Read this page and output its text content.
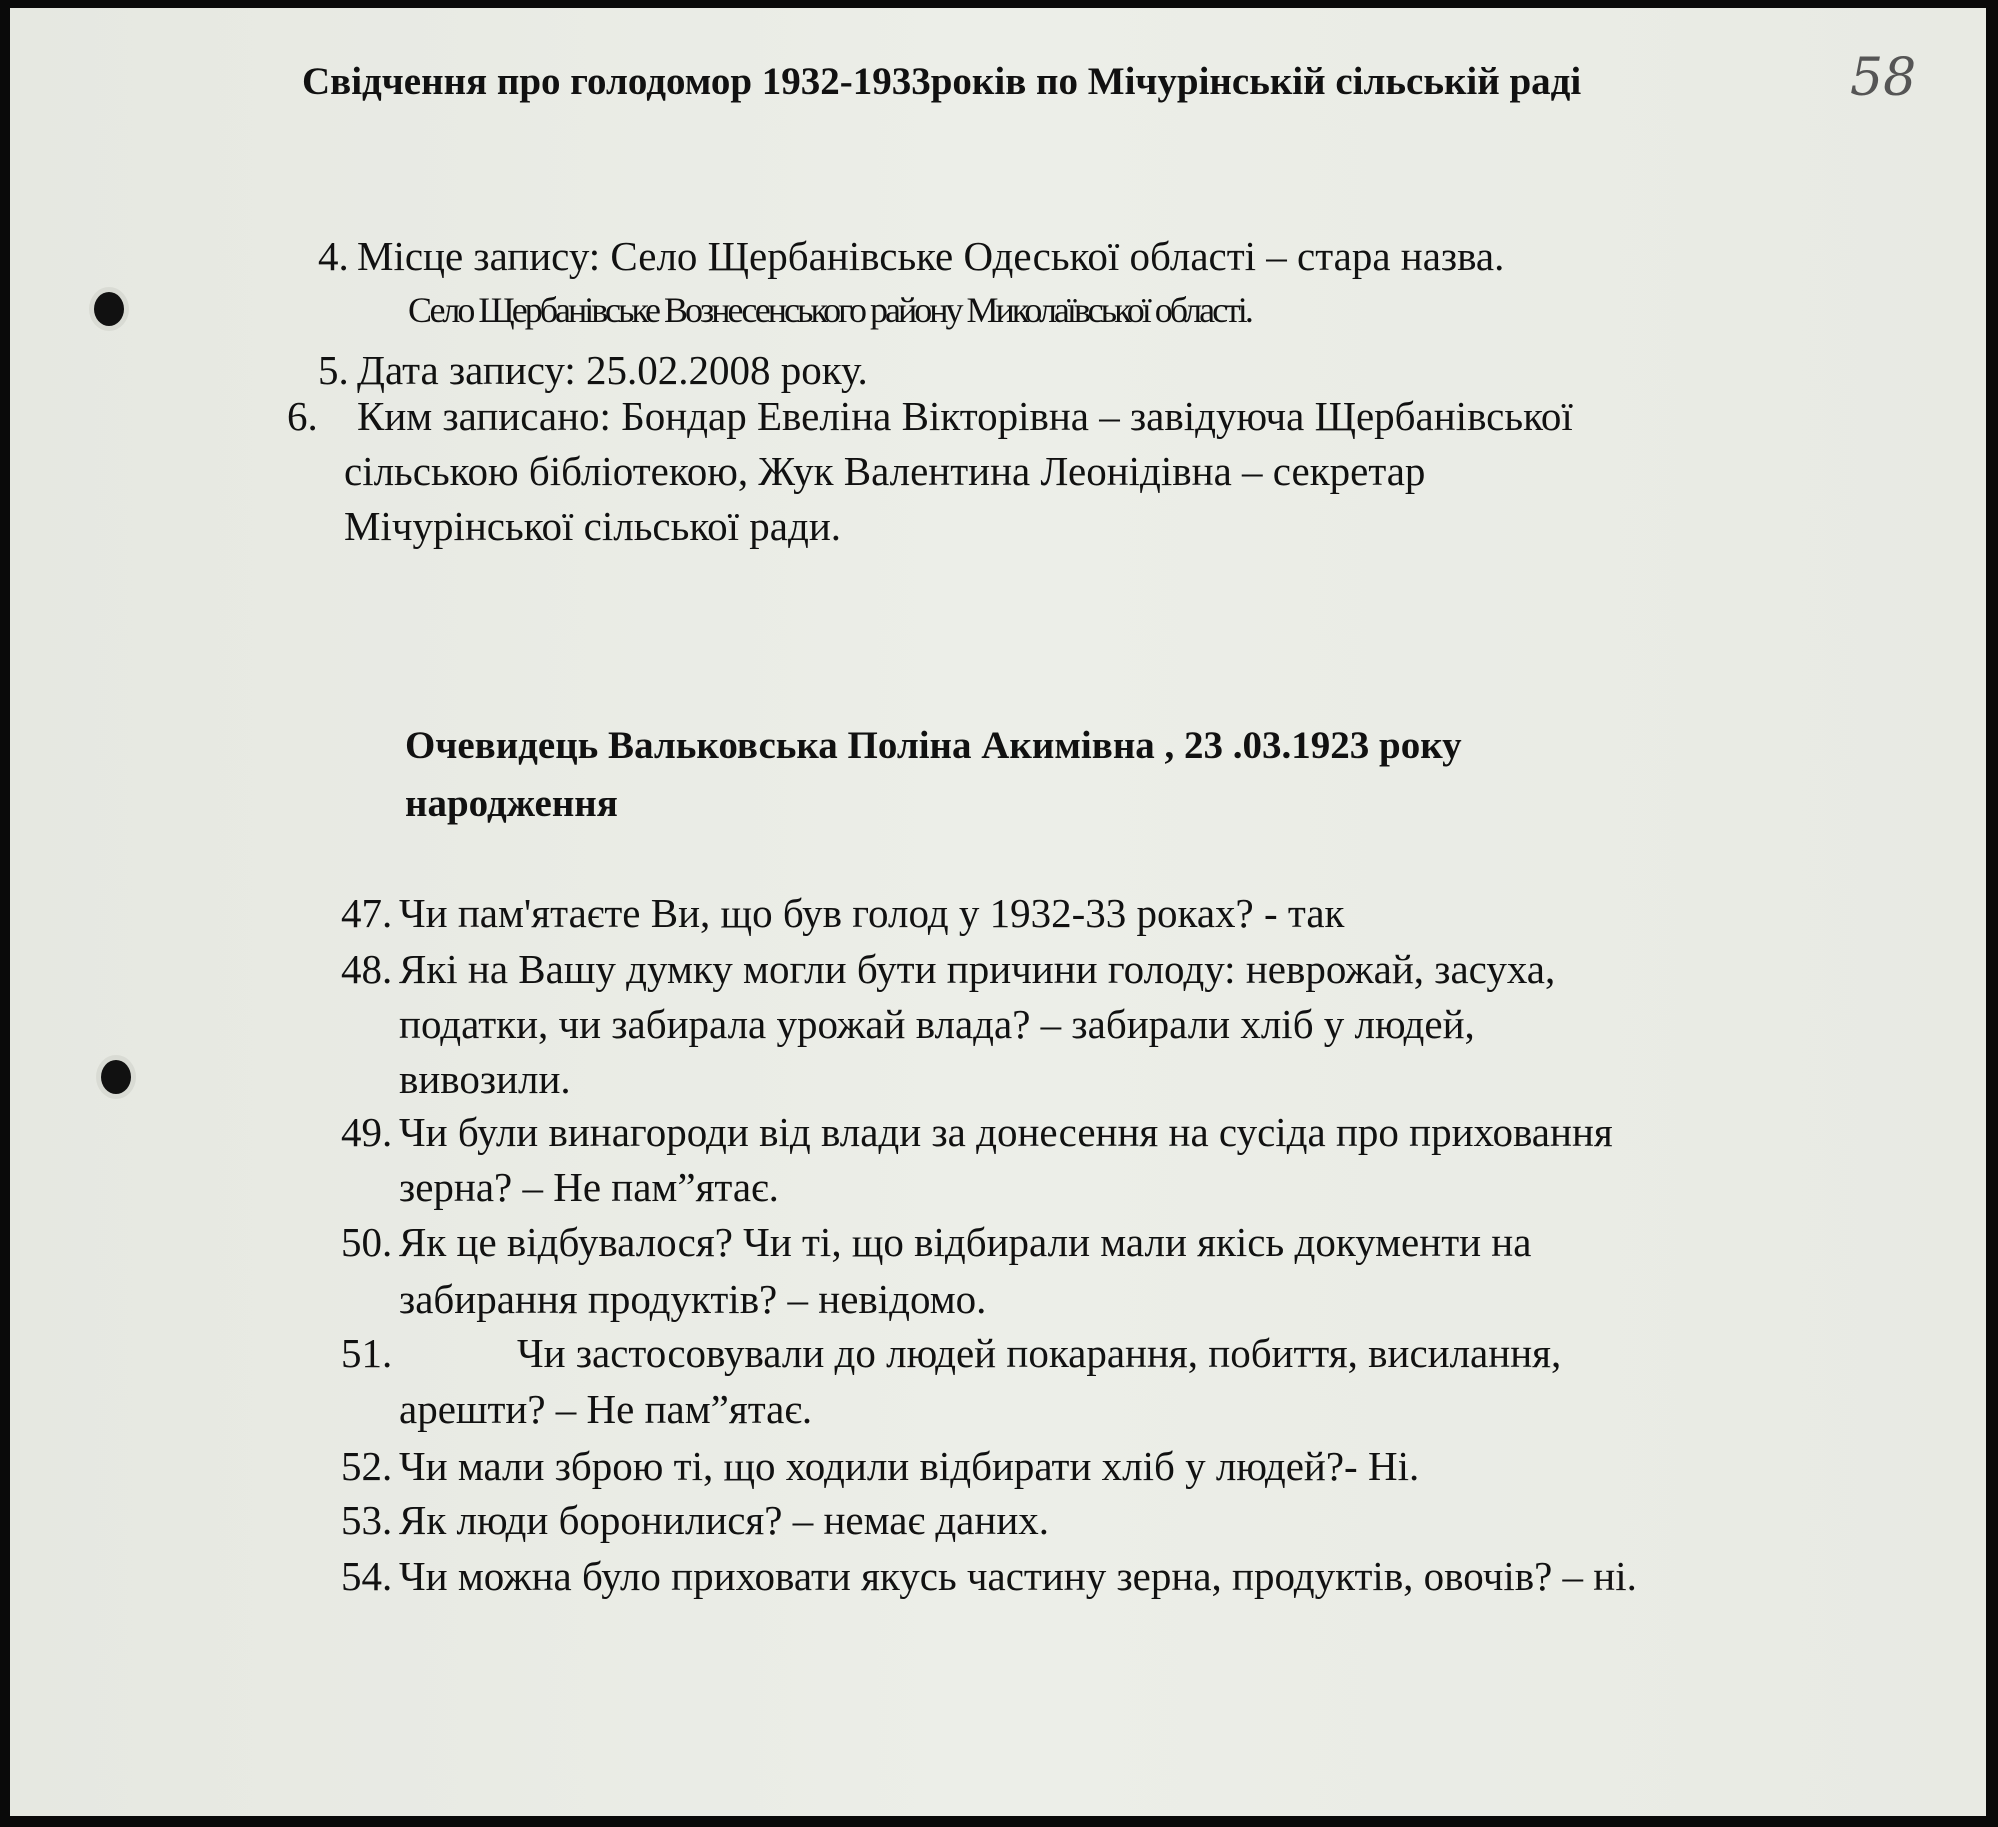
58
Свідчення про голодомор 1932-1933років по Мічурінській сільській раді
4. Місце запису: Село Щербанівське Одеської області – стара назва.
Село Щербанівське Вознесенського району Миколаївської області.
5. Дата запису: 25.02.2008 року.
6. Ким записано: Бондар Евеліна Вікторівна – завідуюча Щербанівської
сільською бібліотекою, Жук Валентина Леонідівна – секретар
Мічурінської сільської ради.
Очевидець Вальковська Поліна Акимівна , 23 .03.1923 року
народження
47. Чи пам'ятаєте Ви, що був голод у 1932-33 роках? - так
48. Які на Вашу думку могли бути причини голоду: неврожай, засуха,
податки, чи забирала урожай влада? – забирали хліб у людей,
вивозили.
49. Чи були винагороди від влади за донесення на сусіда про приховання
зерна? – Не пам”ятає.
50. Як це відбувалося? Чи ті, що відбирали мали якісь документи на
забирання продуктів? – невідомо.
51.	Чи застосовували до людей покарання, побиття, висилання,
арешти? – Не пам”ятає.
52. Чи мали зброю ті, що ходили відбирати хліб у людей?- Ні.
53. Як люди боронилися? – немає даних.
54. Чи можна було приховати якусь частину зерна, продуктів, овочів? – ні.
